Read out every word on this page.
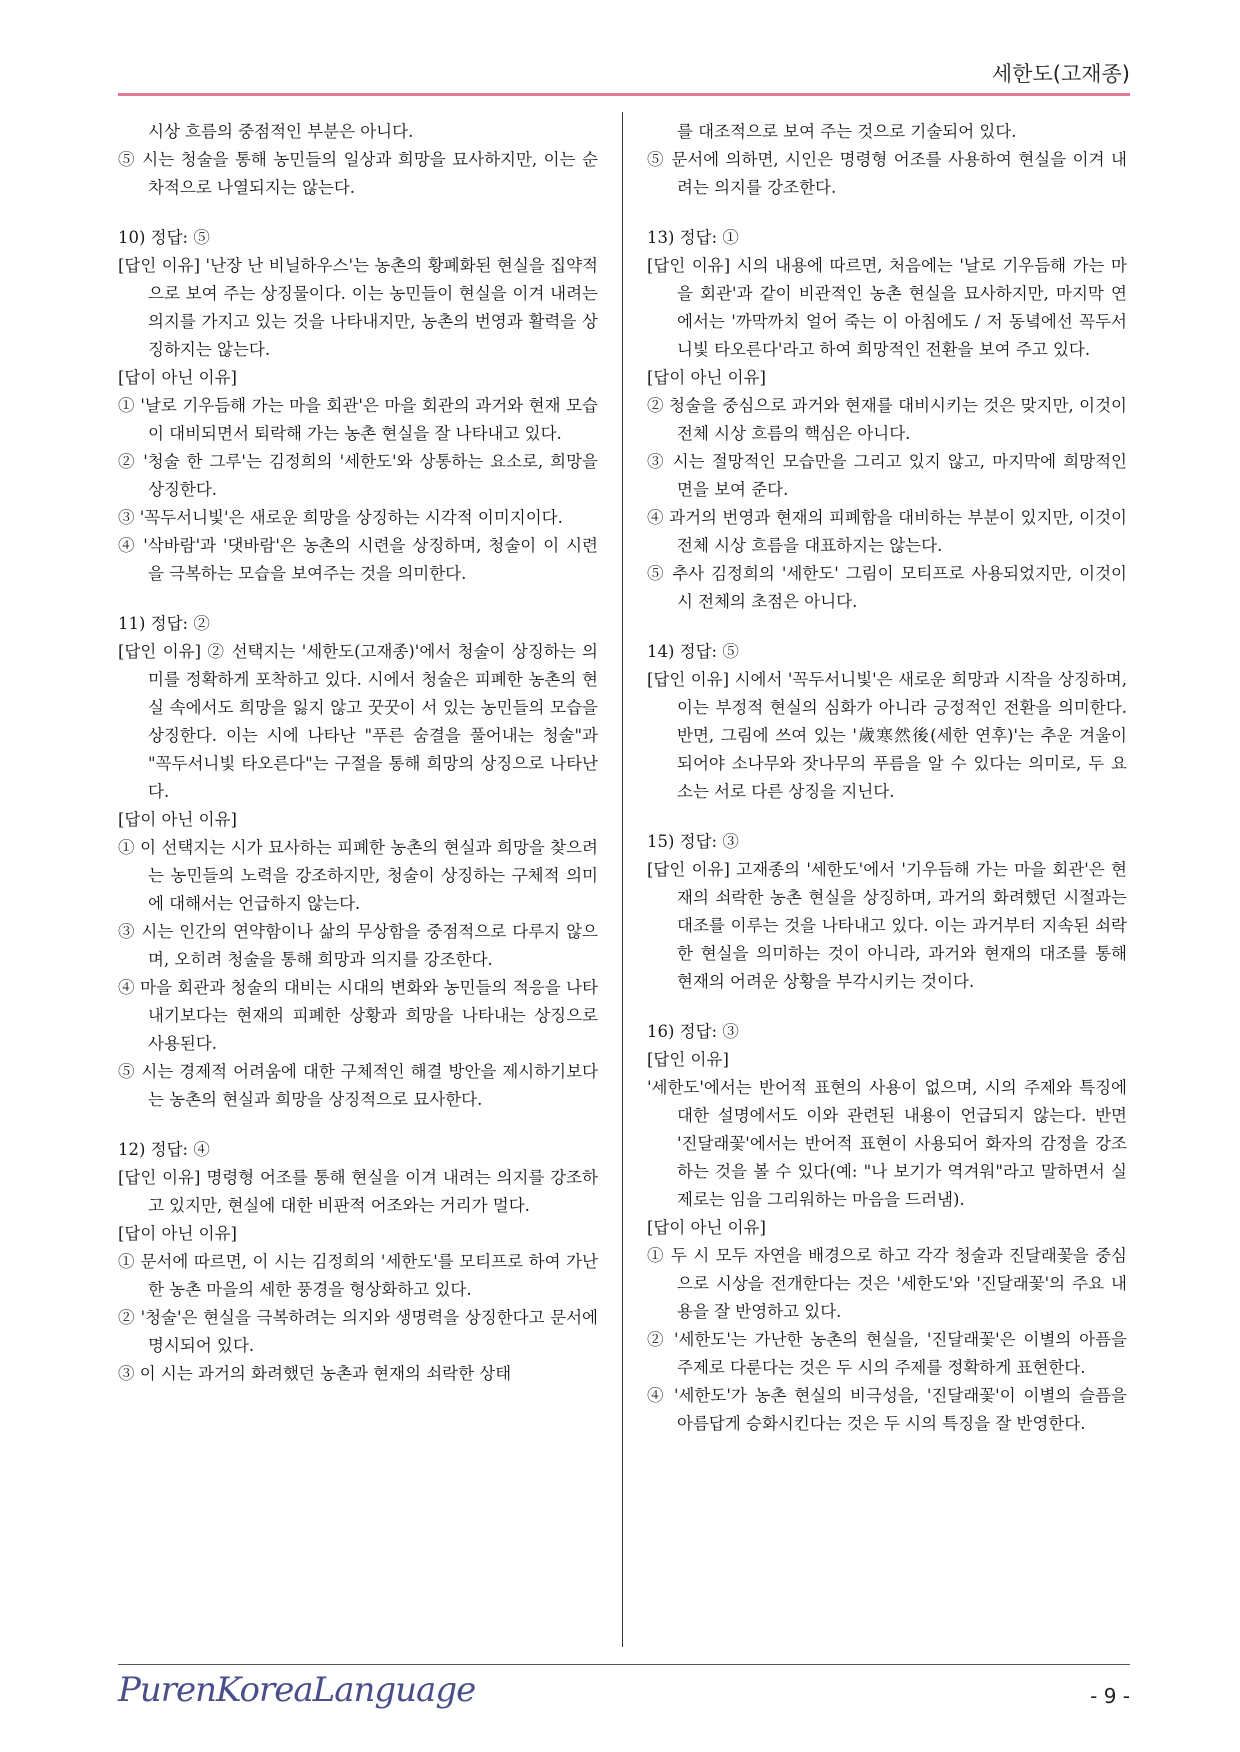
세한도(고재종)
시상 흐름의 중점적인 부분은 아니다.
⑤ 시는 청술을 통해 농민들의 일상과 희망을 묘사하지만, 이는 순차적으로 나열되지는 않는다.
10) 정답: ⑤
[답인 이유] '난장 난 비닐하우스'는 농촌의 황폐화된 현실을 집약적으로 보여 주는 상징물이다. 이는 농민들이 현실을 이겨 내려는 의지를 가지고 있는 것을 나타내지만, 농촌의 번영과 활력을 상징하지는 않는다.
[답이 아닌 이유]
① '날로 기우듬해 가는 마을 회관'은 마을 회관의 과거와 현재 모습이 대비되면서 퇴락해 가는 농촌 현실을 잘 나타내고 있다.
② '청술 한 그루'는 김정희의 '세한도'와 상통하는 요소로, 희망을 상징한다.
③ '꼭두서니빛'은 새로운 희망을 상징하는 시각적 이미지이다.
④ '삭바람'과 '댓바람'은 농촌의 시련을 상징하며, 청술이 이 시련을 극복하는 모습을 보여주는 것을 의미한다.
11) 정답: ②
[답인 이유] ② 선택지는 '세한도(고재종)'에서 청술이 상징하는 의미를 정확하게 포착하고 있다. 시에서 청술은 피폐한 농촌의 현실 속에서도 희망을 잃지 않고 꿋꿋이 서 있는 농민들의 모습을 상징한다. 이는 시에 나타난 "푸른 숨결을 풀어내는 청술"과 "꼭두서니빛 타오른다"는 구절을 통해 희망의 상징으로 나타난다.
[답이 아닌 이유]
① 이 선택지는 시가 묘사하는 피폐한 농촌의 현실과 희망을 찾으려는 농민들의 노력을 강조하지만, 청술이 상징하는 구체적 의미에 대해서는 언급하지 않는다.
③ 시는 인간의 연약함이나 삶의 무상함을 중점적으로 다루지 않으며, 오히려 청술을 통해 희망과 의지를 강조한다.
④ 마을 회관과 청술의 대비는 시대의 변화와 농민들의 적응을 나타내기보다는 현재의 피폐한 상황과 희망을 나타내는 상징으로 사용된다.
⑤ 시는 경제적 어려움에 대한 구체적인 해결 방안을 제시하기보다는 농촌의 현실과 희망을 상징적으로 묘사한다.
12) 정답: ④
[답인 이유] 명령형 어조를 통해 현실을 이겨 내려는 의지를 강조하고 있지만, 현실에 대한 비판적 어조와는 거리가 멀다.
[답이 아닌 이유]
① 문서에 따르면, 이 시는 김정희의 '세한도'를 모티프로 하여 가난한 농촌 마을의 세한 풍경을 형상화하고 있다.
② '청술'은 현실을 극복하려는 의지와 생명력을 상징한다고 문서에 명시되어 있다.
③ 이 시는 과거의 화려했던 농촌과 현재의 쇠락한 상태
를 대조적으로 보여 주는 것으로 기술되어 있다.
⑤ 문서에 의하면, 시인은 명령형 어조를 사용하여 현실을 이겨 내려는 의지를 강조한다.
13) 정답: ①
[답인 이유] 시의 내용에 따르면, 처음에는 '날로 기우듬해 가는 마을 회관'과 같이 비관적인 농촌 현실을 묘사하지만, 마지막 연에서는 '까막까치 얼어 죽는 이 아침에도 / 저 동녘에선 꼭두서니빛 타오른다'라고 하여 희망적인 전환을 보여 주고 있다.
[답이 아닌 이유]
② 청술을 중심으로 과거와 현재를 대비시키는 것은 맞지만, 이것이 전체 시상 흐름의 핵심은 아니다.
③ 시는 절망적인 모습만을 그리고 있지 않고, 마지막에 희망적인 면을 보여 준다.
④ 과거의 번영과 현재의 피폐함을 대비하는 부분이 있지만, 이것이 전체 시상 흐름을 대표하지는 않는다.
⑤ 추사 김정희의 '세한도' 그림이 모티프로 사용되었지만, 이것이 시 전체의 초점은 아니다.
14) 정답: ⑤
[답인 이유] 시에서 '꼭두서니빛'은 새로운 희망과 시작을 상징하며, 이는 부정적 현실의 심화가 아니라 긍정적인 전환을 의미한다. 반면, 그림에 쓰여 있는 '歲寒然後(세한 연후)'는 추운 겨울이 되어야 소나무와 잣나무의 푸름을 알 수 있다는 의미로, 두 요소는 서로 다른 상징을 지닌다.
15) 정답: ③
[답인 이유] 고재종의 '세한도'에서 '기우듬해 가는 마을 회관'은 현재의 쇠락한 농촌 현실을 상징하며, 과거의 화려했던 시절과는 대조를 이루는 것을 나타내고 있다. 이는 과거부터 지속된 쇠락한 현실을 의미하는 것이 아니라, 과거와 현재의 대조를 통해 현재의 어려운 상황을 부각시키는 것이다.
16) 정답: ③
[답인 이유]
'세한도'에서는 반어적 표현의 사용이 없으며, 시의 주제와 특징에 대한 설명에서도 이와 관련된 내용이 언급되지 않는다. 반면 '진달래꽃'에서는 반어적 표현이 사용되어 화자의 감정을 강조하는 것을 볼 수 있다(예: "나 보기가 역겨워"라고 말하면서 실제로는 임을 그리워하는 마음을 드러냄).
[답이 아닌 이유]
① 두 시 모두 자연을 배경으로 하고 각각 청술과 진달래꽃을 중심으로 시상을 전개한다는 것은 '세한도'와 '진달래꽃'의 주요 내용을 잘 반영하고 있다.
② '세한도'는 가난한 농촌의 현실을, '진달래꽃'은 이별의 아픔을 주제로 다룬다는 것은 두 시의 주제를 정확하게 표현한다.
④ '세한도'가 농촌 현실의 비극성을, '진달래꽃'이 이별의 슬픔을 아름답게 승화시킨다는 것은 두 시의 특징을 잘 반영한다.
PurenKoreaLanguage	- 9 -
